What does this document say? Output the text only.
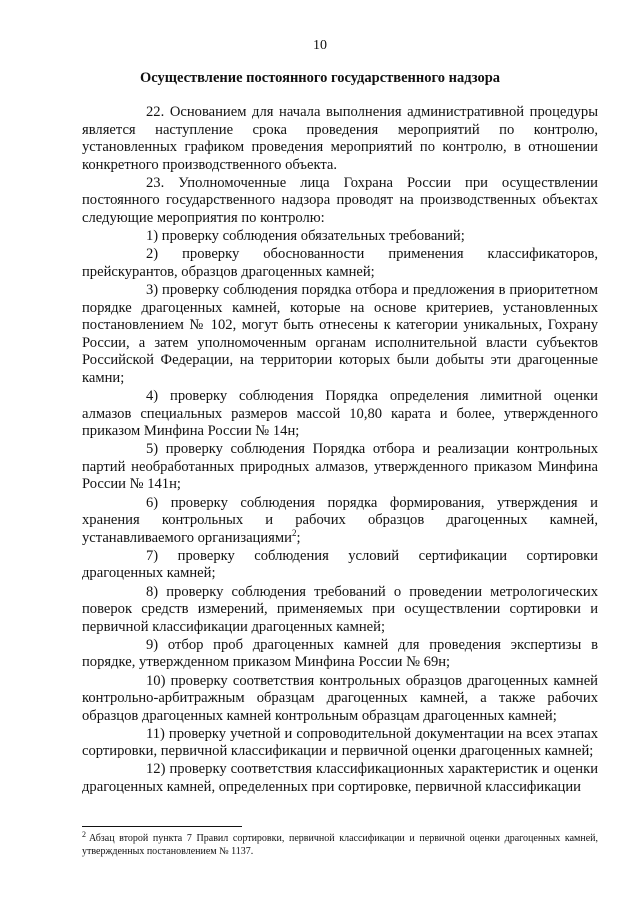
10
Осуществление постоянного государственного надзора

22. Основанием для начала выполнения административной процедуры является наступление срока проведения мероприятий по контролю, установленных графиком проведения мероприятий по контролю, в отношении конкретного производственного объекта.

23. Уполномоченные лица Гохрана России при осуществлении постоянного государственного надзора проводят на производственных объектах следующие мероприятия по контролю:

1) проверку соблюдения обязательных требований;

2) проверку обоснованности применения классификаторов, прейскурантов, образцов драгоценных камней;

3) проверку соблюдения порядка отбора и предложения в приоритетном порядке драгоценных камней, которые на основе критериев, установленных постановлением № 102, могут быть отнесены к категории уникальных, Гохрану России, а затем уполномоченным органам исполнительной власти субъектов Российской Федерации, на территории которых были добыты эти драгоценные камни;

4) проверку соблюдения Порядка определения лимитной оценки алмазов специальных размеров массой 10,80 карата и более, утвержденного приказом Минфина России № 14н;

5) проверку соблюдения Порядка отбора и реализации контрольных партий необработанных природных алмазов, утвержденного приказом Минфина России № 141н;

6) проверку соблюдения порядка формирования, утверждения и хранения контрольных и рабочих образцов драгоценных камней, устанавливаемого организациями$^2$;

7) проверку соблюдения условий сертификации сортировки драгоценных камней;

8) проверку соблюдения требований о проведении метрологических поверок средств измерений, применяемых при осуществлении сортировки и первичной классификации драгоценных камней;

9) отбор проб драгоценных камней для проведения экспертизы в порядке, утвержденном приказом Минфина России № 69н;

10) проверку соответствия контрольных образцов драгоценных камней контрольно-арбитражным образцам драгоценных камней, а также рабочих образцов драгоценных камней контрольным образцам драгоценных камней;

11) проверку учетной и сопроводительной документации на всех этапах сортировки, первичной классификации и первичной оценки драгоценных камней;

12) проверку соответствия классификационных характеристик и оценки драгоценных камней, определенных при сортировке, первичной классификации

$^2$ Абзац второй пункта 7 Правил сортировки, первичной классификации и первичной оценки драгоценных камней, утвержденных постановлением № 1137.
